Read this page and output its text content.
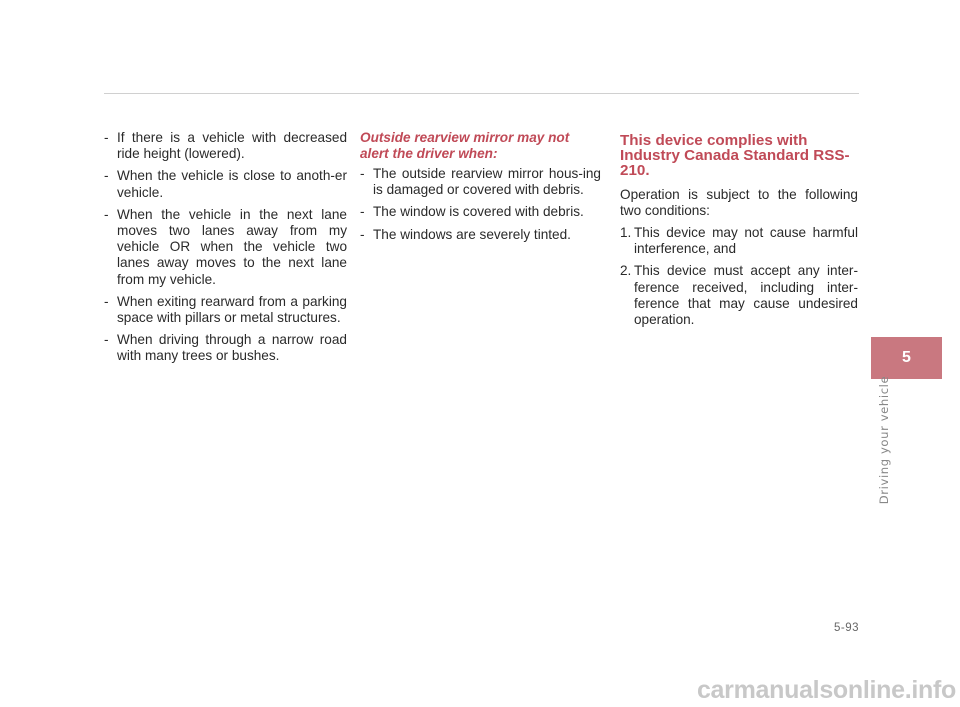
- If there is a vehicle with decreased ride height (lowered).
- When the vehicle is close to anoth-er vehicle.
- When the vehicle in the next lane moves two lanes away from my vehicle OR when the vehicle two lanes away moves to the next lane from my vehicle.
- When exiting rearward from a parking space with pillars or metal structures.
- When driving through a narrow road with many trees or bushes.
Outside rearview mirror may not alert the driver when:
- The outside rearview mirror hous-ing is damaged or covered with debris.
- The window is covered with debris.
- The windows are severely tinted.
This device complies with Industry Canada Standard RSS-210.

Operation is subject to the following two conditions:

1. This device may not cause harmful interference, and
2. This device must accept any inter-ference received, including inter-ference that may cause undesired operation.
5
Driving your vehicle
5-93
carmanualsonline.info
